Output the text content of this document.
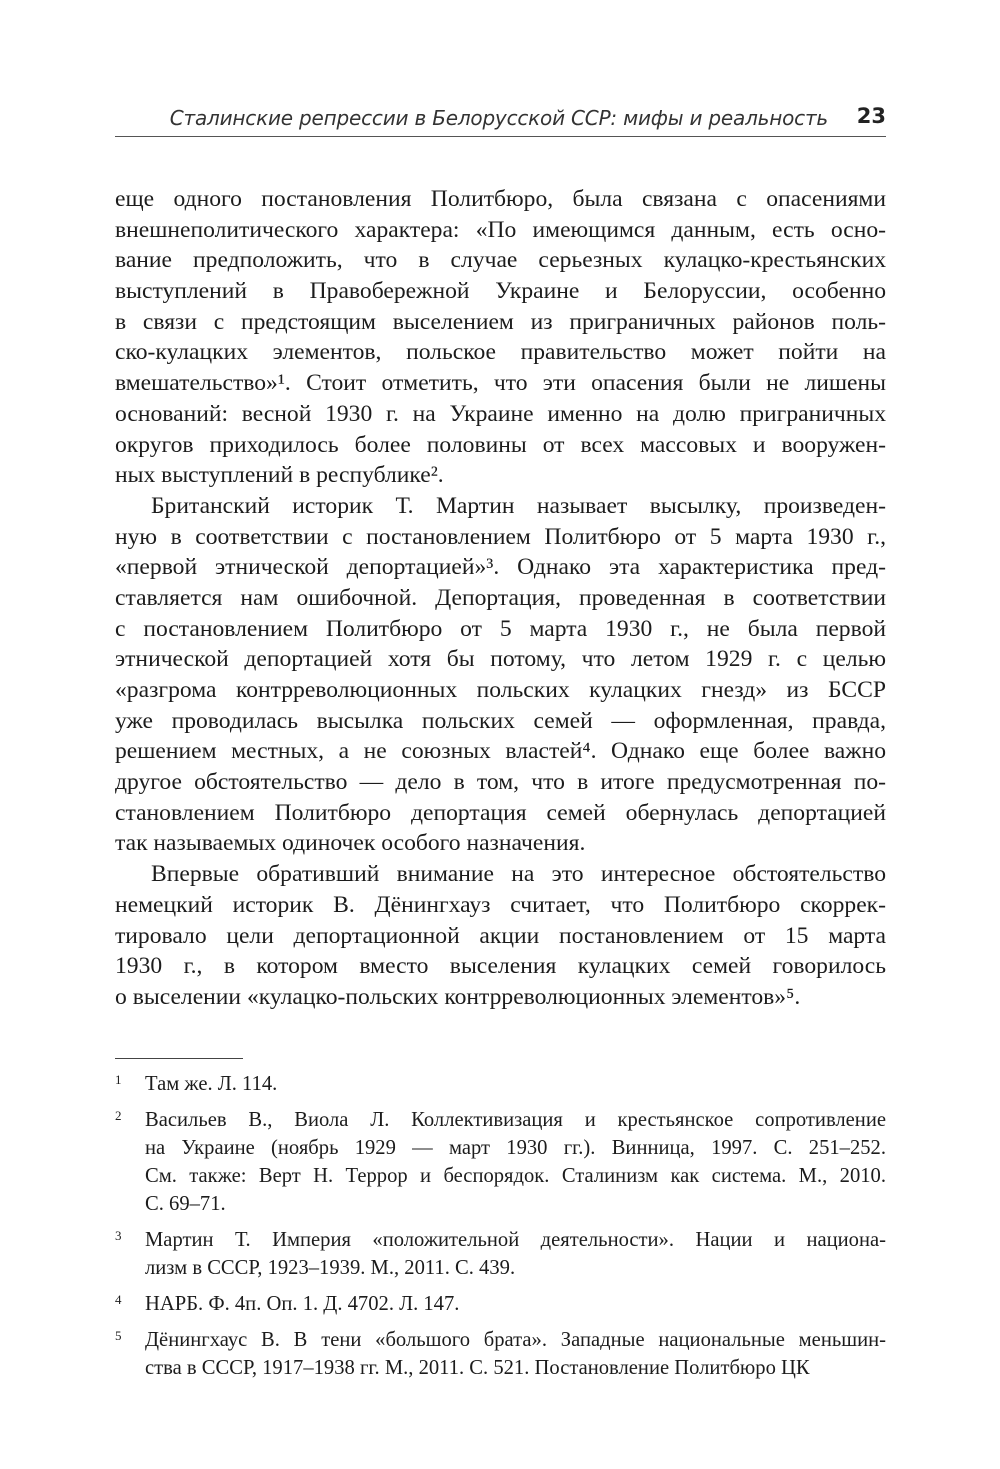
Сталинские репрессии в Белорусской ССР: мифы и реальность 23
еще одного постановления Политбюро, была связана с опасениями
внешнеполитического характера: «По имеющимся данным, есть осно-
вание предположить, что в случае серьезных кулацко-крестьянских
выступлений в Правобережной Украине и Белоруссии, особенно
в связи с предстоящим выселением из приграничных районов поль-
ско-кулацких элементов, польское правительство может пойти на
вмешательство»¹. Стоит отметить, что эти опасения были не лишены
оснований: весной 1930 г. на Украине именно на долю приграничных
округов приходилось более половины от всех массовых и вооружен-
ных выступлений в республике².
Британский историк Т. Мартин называет высылку, произведен-
ную в соответствии с постановлением Политбюро от 5 марта 1930 г.,
«первой этнической депортацией»³. Однако эта характеристика пред-
ставляется нам ошибочной. Депортация, проведенная в соответствии
с постановлением Политбюро от 5 марта 1930 г., не была первой
этнической депортацией хотя бы потому, что летом 1929 г. с целью
«разгрома контрреволюционных польских кулацких гнезд» из БССР
уже проводилась высылка польских семей — оформленная, правда,
решением местных, а не союзных властей⁴. Однако еще более важно
другое обстоятельство — дело в том, что в итоге предусмотренная по-
становлением Политбюро депортация семей обернулась депортацией
так называемых одиночек особого назначения.
Впервые обративший внимание на это интересное обстоятельство
немецкий историк В. Дёнингхауз считает, что Политбюро скоррек-
тировало цели депортационной акции постановлением от 15 марта
1930 г., в котором вместо выселения кулацких семей говорилось
о выселении «кулацко-польских контрреволюционных элементов»⁵.
1 Там же. Л. 114.
2 Васильев В., Виола Л. Коллективизация и крестьянское сопротивление
на Украине (ноябрь 1929 — март 1930 гг.). Винница, 1997. С. 251–252.
См. также: Верт Н. Террор и беспорядок. Сталинизм как система. М., 2010.
С. 69–71.
3 Мартин Т. Империя «положительной деятельности». Нации и национа-
лизм в СССР, 1923–1939. М., 2011. С. 439.
4 НАРБ. Ф. 4п. Оп. 1. Д. 4702. Л. 147.
5 Дёнингхаус В. В тени «большого брата». Западные национальные меньшин-
ства в СССР, 1917–1938 гг. М., 2011. С. 521. Постановление Политбюро ЦК
